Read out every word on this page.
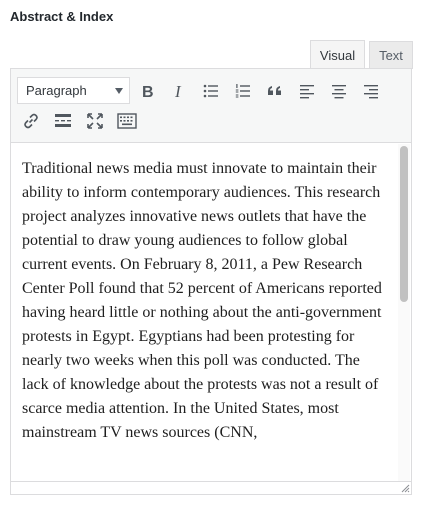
Abstract & Index
Visual	Text
Paragraph	B I

Traditional news media must innovate to maintain their ability to inform contemporary audiences. This research project analyzes innovative news outlets that have the potential to draw young audiences to follow global current events. On February 8, 2011, a Pew Research Center Poll found that 52 percent of Americans reported having heard little or nothing about the anti-government protests in Egypt. Egyptians had been protesting for nearly two weeks when this poll was conducted. The lack of knowledge about the protests was not a result of scarce media attention. In the United States, most mainstream TV news sources (CNN,
